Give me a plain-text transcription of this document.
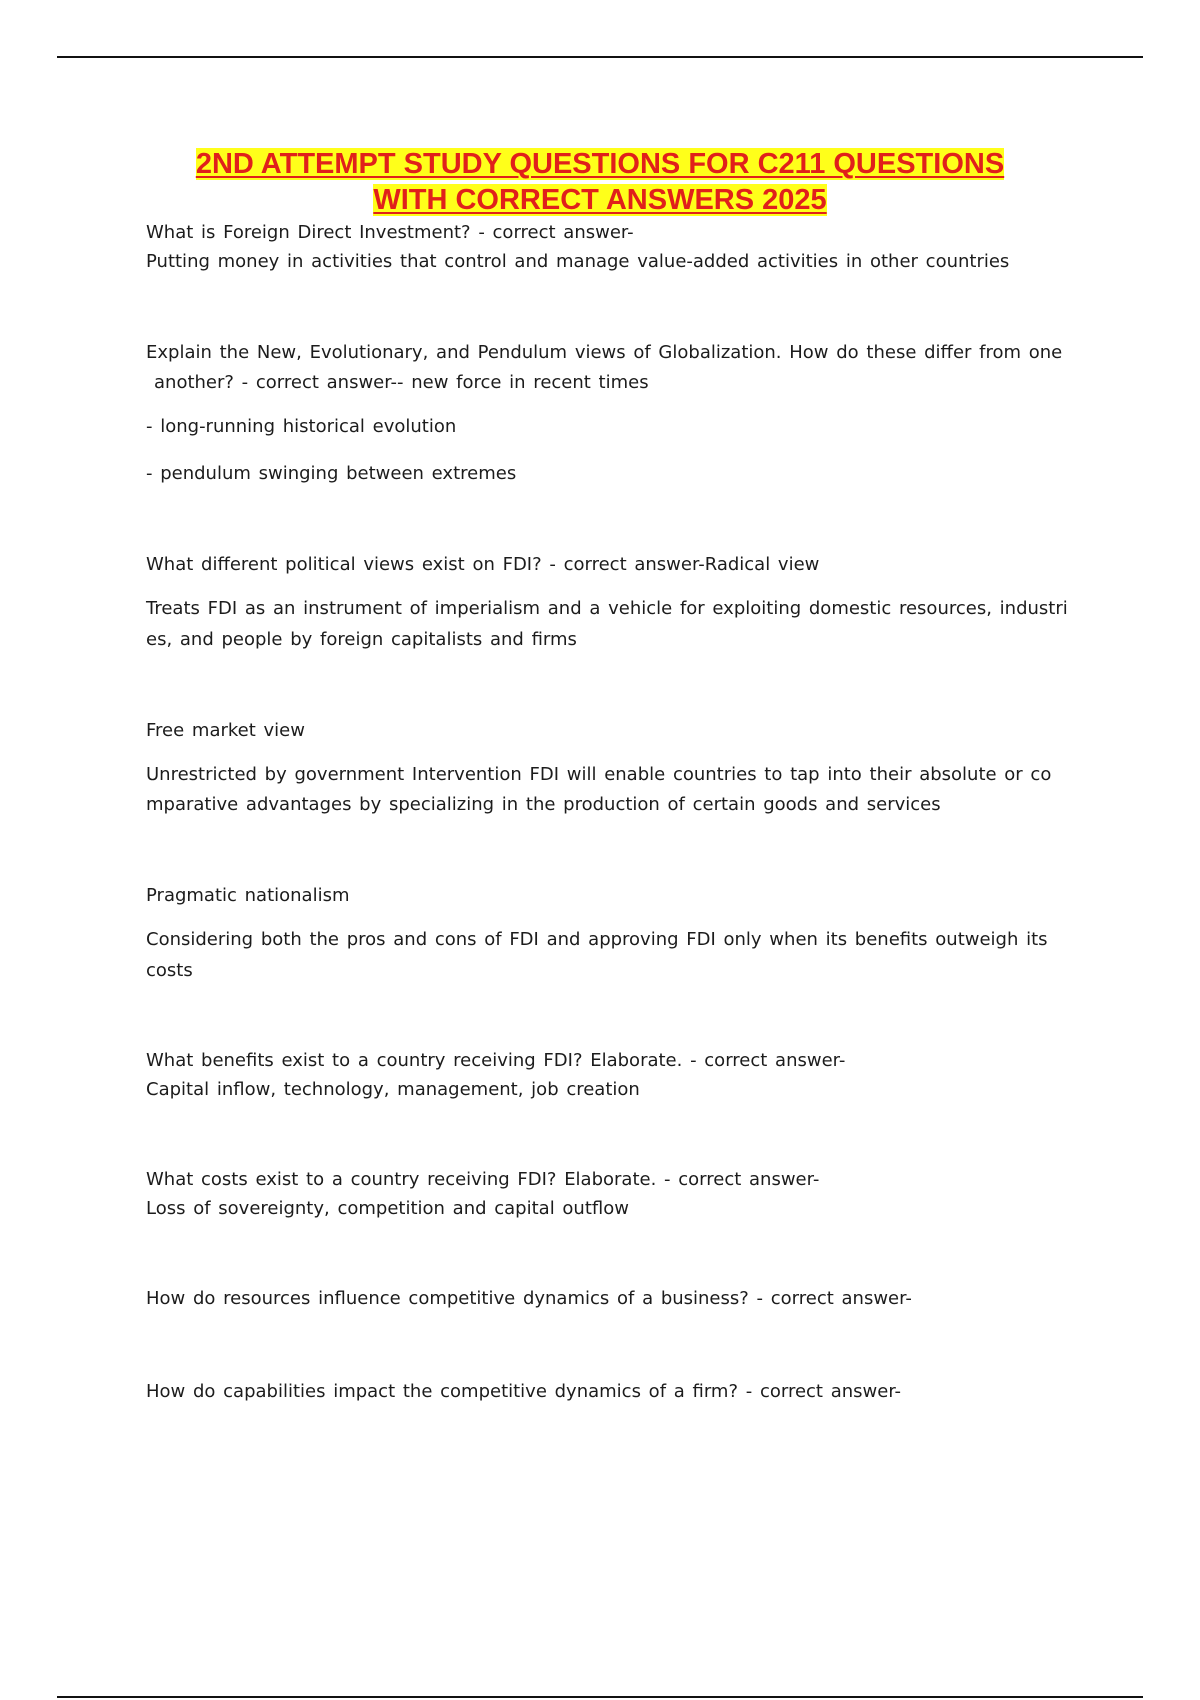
2ND ATTEMPT STUDY QUESTIONS FOR C211 QUESTIONS
WITH CORRECT ANSWERS 2025

What is Foreign Direct Investment? - correct answer-

Putting money in activities that control and manage value-added activities in other countries

Explain the New, Evolutionary, and Pendulum views of Globalization. How do these differ from one

another? - correct answer-- new force in recent times

- long-running historical evolution

- pendulum swinging between extremes

What different political views exist on FDI? - correct answer-Radical view

Treats FDI as an instrument of imperialism and a vehicle for exploiting domestic resources, industri

es, and people by foreign capitalists and firms

Free market view

Unrestricted by government Intervention FDI will enable countries to tap into their absolute or co

mparative advantages by specializing in the production of certain goods and services

Pragmatic nationalism

Considering both the pros and cons of FDI and approving FDI only when its benefits outweigh its

costs

What benefits exist to a country receiving FDI? Elaborate. - correct answer-

Capital inflow, technology, management, job creation

What costs exist to a country receiving FDI? Elaborate. - correct answer-

Loss of sovereignty, competition and capital outflow

How do resources influence competitive dynamics of a business? - correct answer-

How do capabilities impact the competitive dynamics of a firm? - correct answer-
